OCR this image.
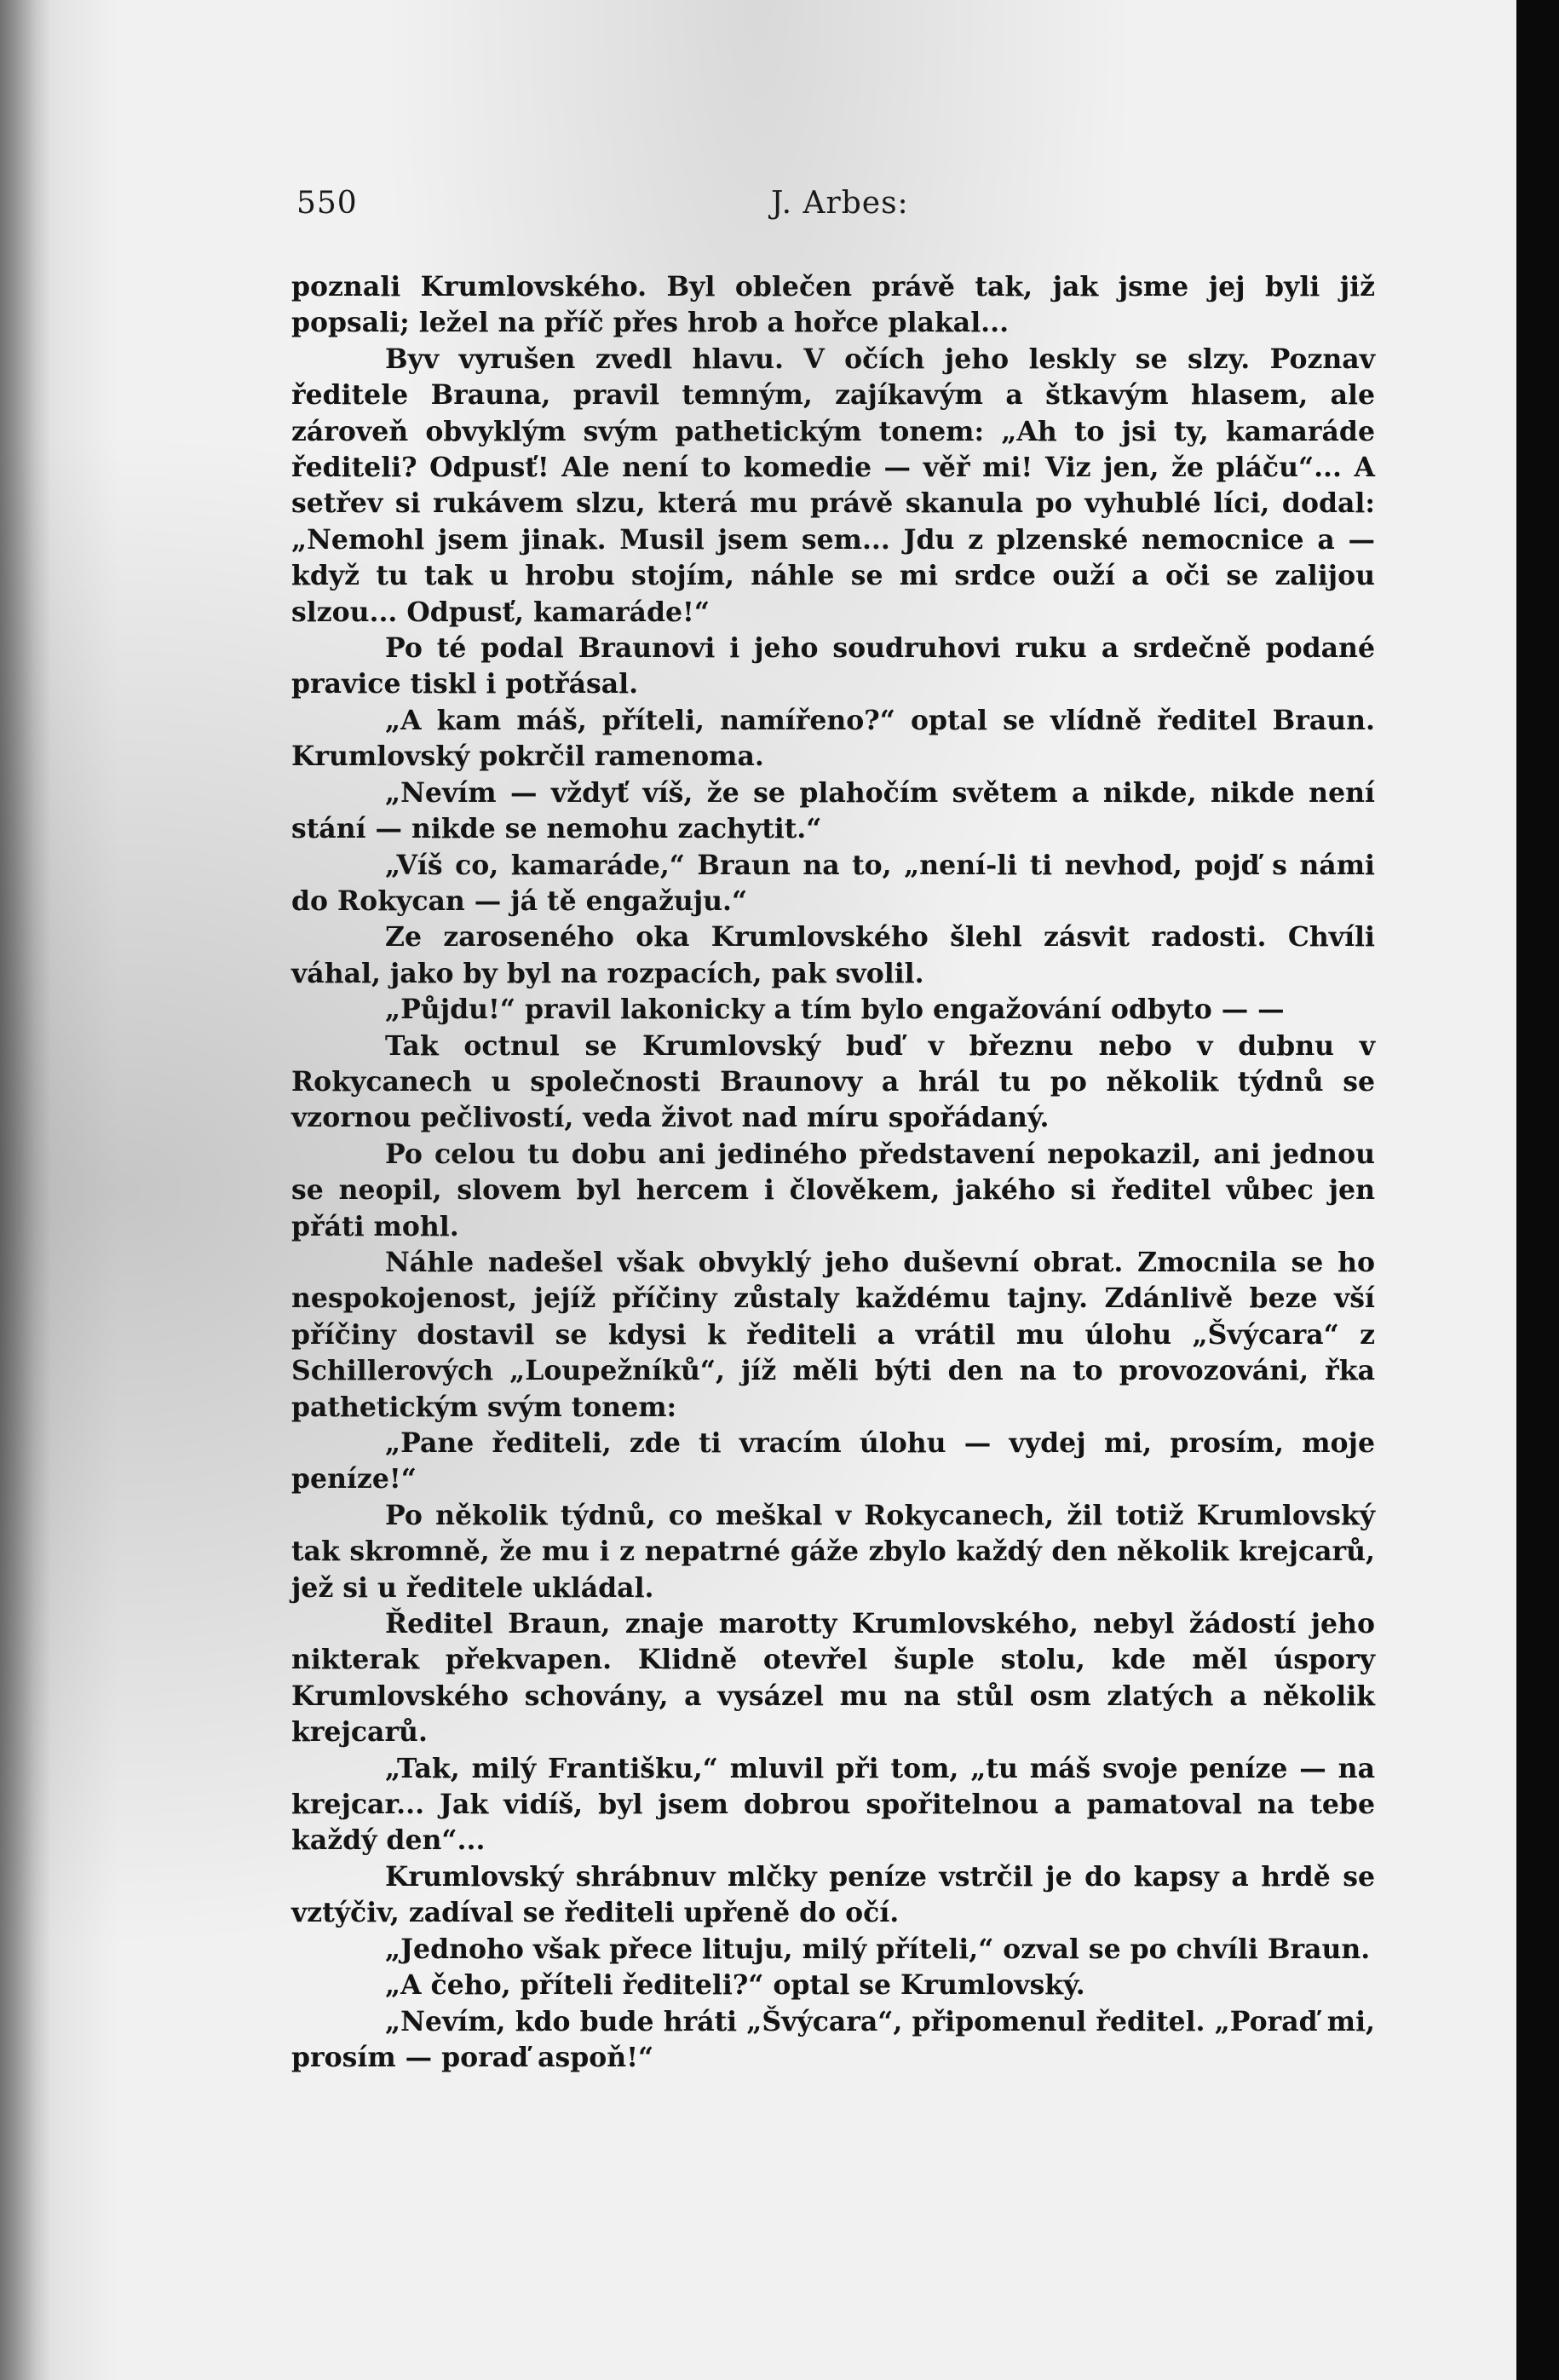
550	J. Arbes:

poznali Krumlovského. Byl oblečen právě tak, jak jsme jej byli již popsali; ležel na příč přes hrob a hořce plakal...

Byv vyrušen zvedl hlavu. V očích jeho leskly se slzy. Poznav ředitele Brauna, pravil temným, zajíkavým a štkavým hlasem, ale zároveň obvyklým svým pathetickým tonem: „Ah to jsi ty, kamaráde řediteli? Odpusť! Ale není to komedie — věř mi! Viz jen, že pláču“... A setřev si rukávem slzu, která mu právě skanula po vyhublé líci, dodal: „Nemohl jsem jinak. Musil jsem sem... Jdu z plzenské nemocnice a — když tu tak u hrobu stojím, náhle se mi srdce ouží a oči se zalijou slzou... Odpusť, kamaráde!“

Po té podal Braunovi i jeho soudruhovi ruku a srdečně podané pravice tiskl i potřásal.

„A kam máš, příteli, namířeno?“ optal se vlídně ředitel Braun. Krumlovský pokrčil ramenoma.

„Nevím — vždyť víš, že se plahočím světem a nikde, nikde není stání — nikde se nemohu zachytit.“

„Víš co, kamaráde,“ Braun na to, „není-li ti nevhod, pojď s námi do Rokycan — já tě engažuju.“

Ze zaroseného oka Krumlovského šlehl zásvit radosti. Chvíli váhal, jako by byl na rozpacích, pak svolil.

„Půjdu!“ pravil lakonicky a tím bylo engažování odbyto — —

Tak octnul se Krumlovský buď v březnu nebo v dubnu v Rokycanech u společnosti Braunovy a hrál tu po několik týdnů se vzornou pečlivostí, veda život nad míru spořádaný.

Po celou tu dobu ani jediného představení nepokazil, ani jednou se neopil, slovem byl hercem i člověkem, jakého si ředitel vůbec jen přáti mohl.

Náhle nadešel však obvyklý jeho duševní obrat. Zmocnila se ho nespokojenost, jejíž příčiny zůstaly každému tajny. Zdánlivě beze vší příčiny dostavil se kdysi k řediteli a vrátil mu úlohu „Švýcara“ z Schillerových „Loupežníků“, jíž měli býti den na to provozováni, řka pathetickým svým tonem:

„Pane řediteli, zde ti vracím úlohu — vydej mi, prosím, moje peníze!“

Po několik týdnů, co meškal v Rokycanech, žil totiž Krumlovský tak skromně, že mu i z nepatrné gáže zbylo každý den několik krejcarů, jež si u ředitele ukládal.

Ředitel Braun, znaje marotty Krumlovského, nebyl žádostí jeho nikterak překvapen. Klidně otevřel šuple stolu, kde měl úspory Krumlovského schovány, a vysázel mu na stůl osm zlatých a několik krejcarů.

„Tak, milý Františku,“ mluvil při tom, „tu máš svoje peníze — na krejcar... Jak vidíš, byl jsem dobrou spořitelnou a pamatoval na tebe každý den“...

Krumlovský shrábnuv mlčky peníze vstrčil je do kapsy a hrdě se vztýčiv, zadíval se řediteli upřeně do očí.

„Jednoho však přece lituju, milý příteli,“ ozval se po chvíli Braun.

„A čeho, příteli řediteli?“ optal se Krumlovský.

„Nevím, kdo bude hráti „Švýcara“, připomenul ředitel. „Poraď mi, prosím — poraď aspoň!“
